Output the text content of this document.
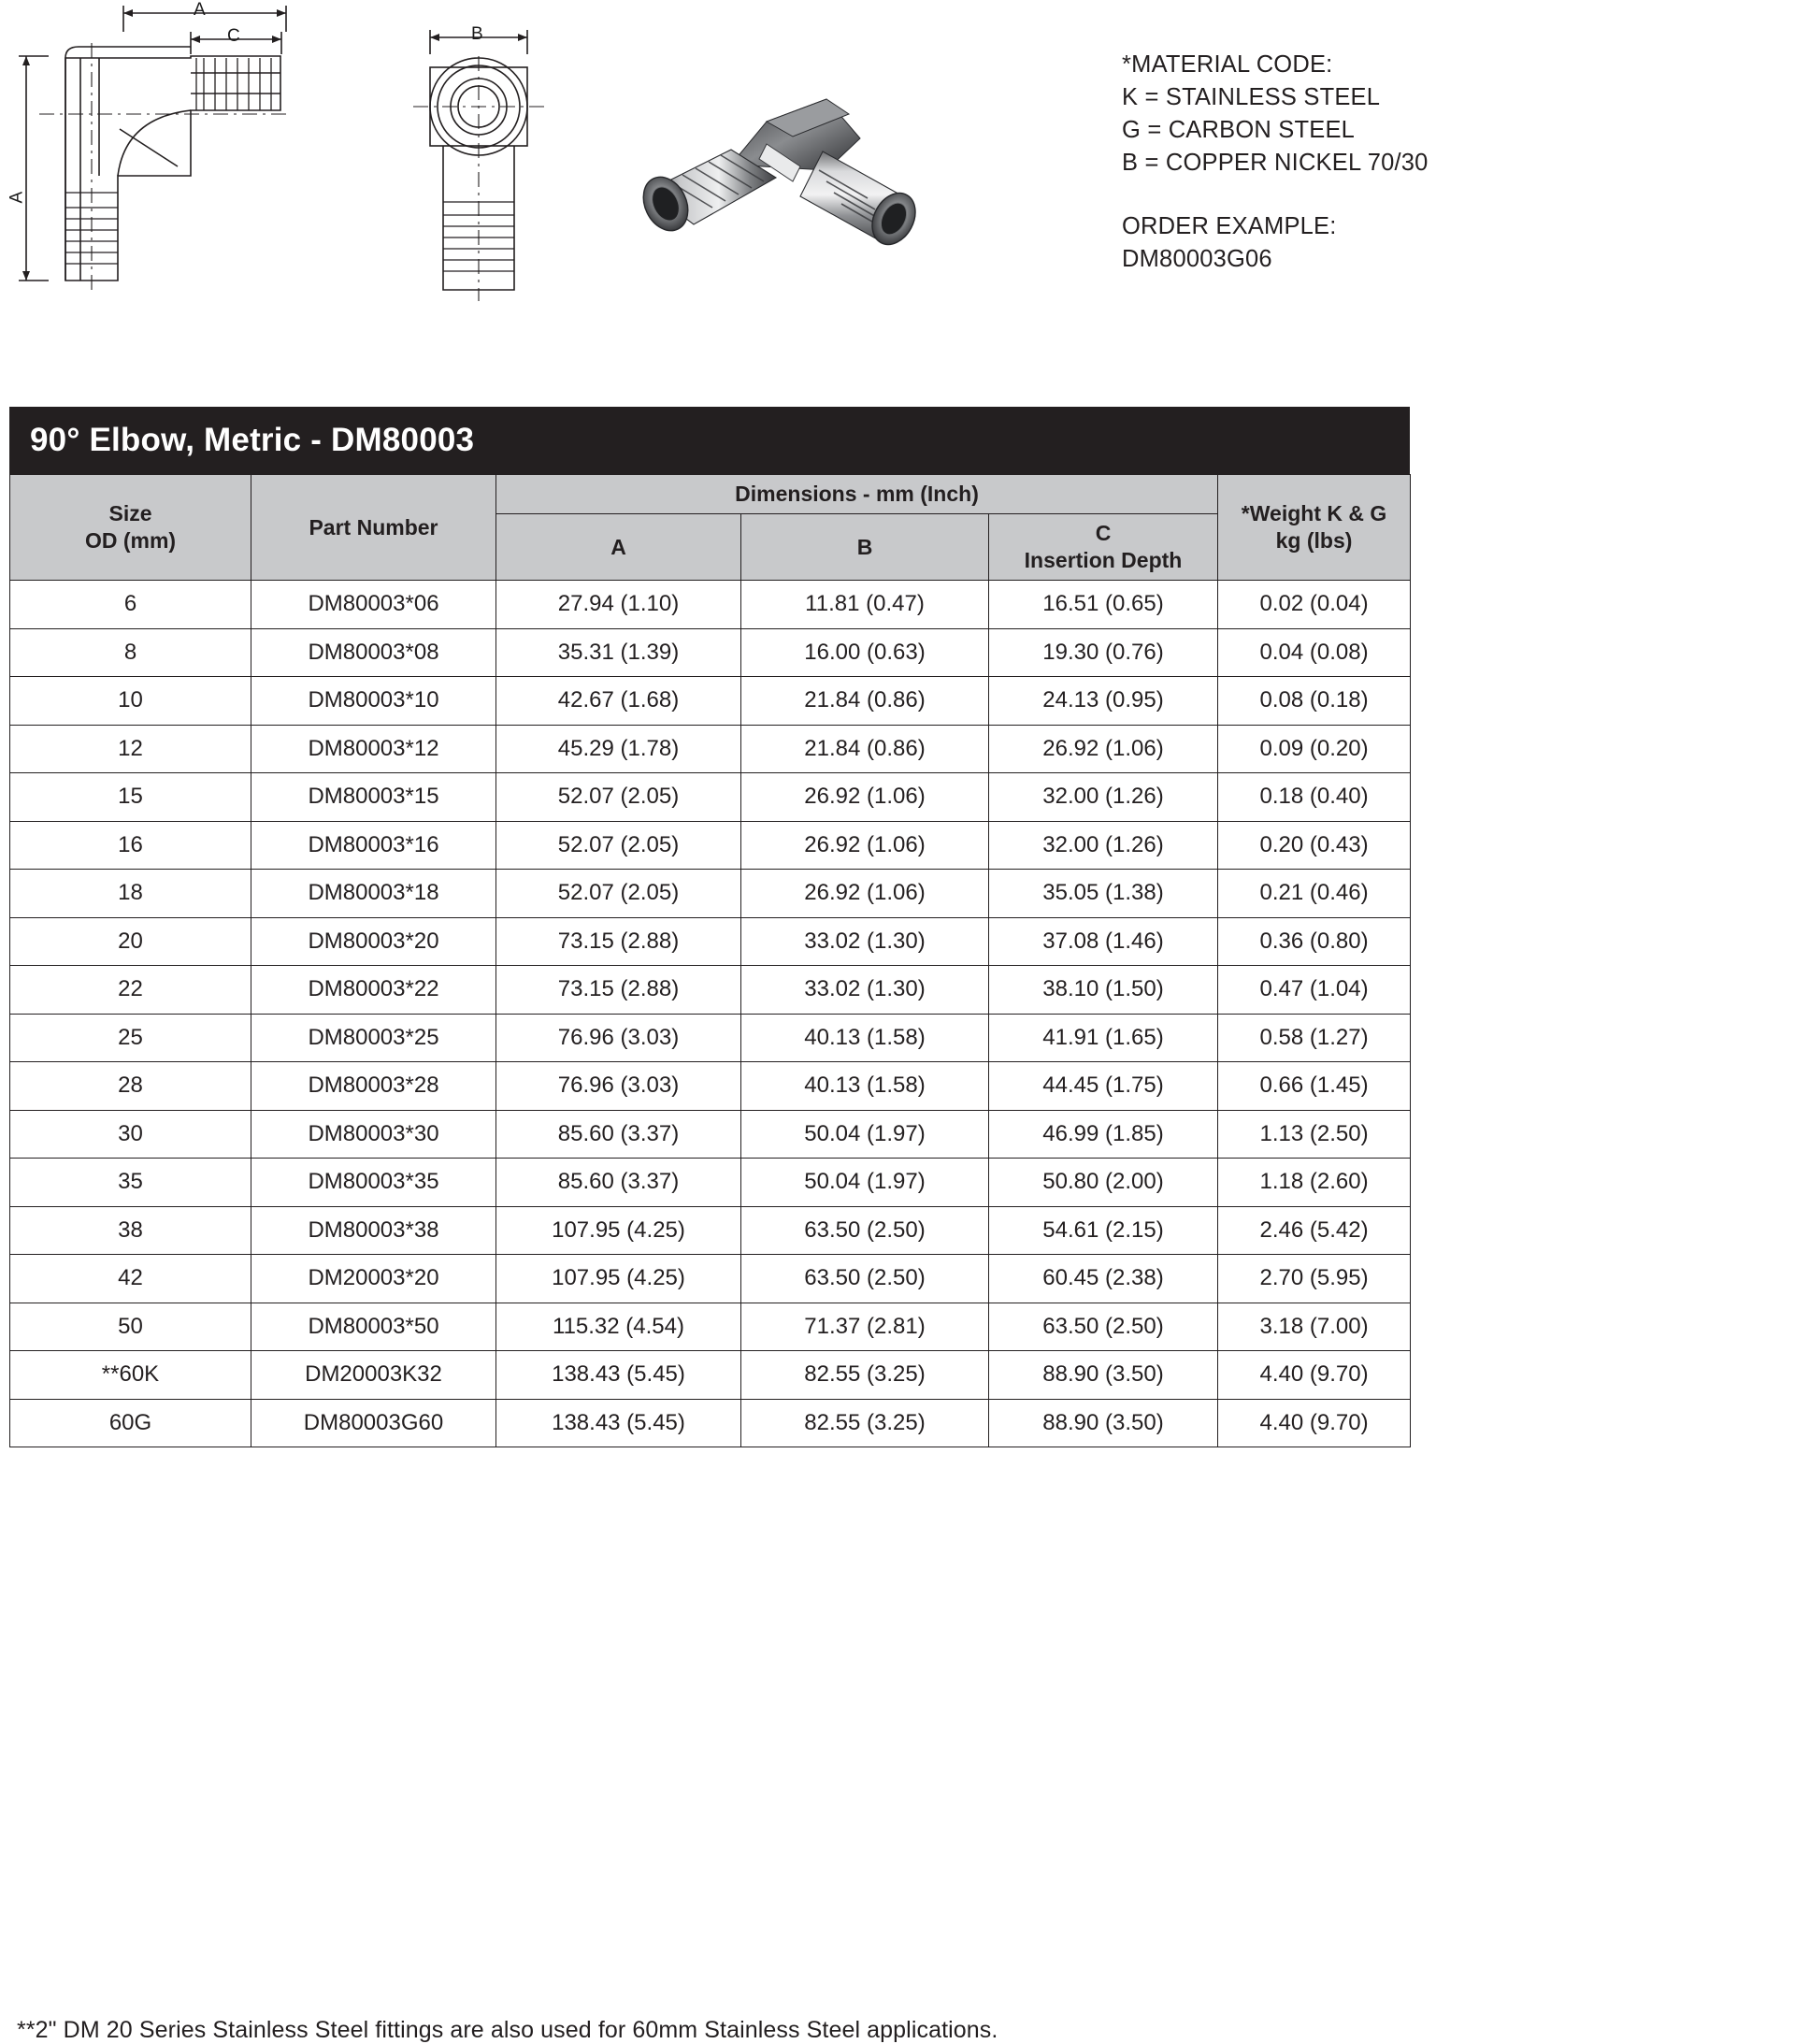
A
C
A
B
*MATERIAL CODE:
K = STAINLESS STEEL
G = CARBON STEEL
B = COPPER NICKEL 70/30
ORDER EXAMPLE:
DM80003G06
90° Elbow, Metric - DM80003
Size
OD (mm)
	Part Number	Dimensions - mm (Inch)	
*Weight K & G
kg (lbs)

		A	B	C
Insertion Depth	

6	DM80003*06	27.94 (1.10)	11.81 (0.47)	16.51 (0.65)	0.02 (0.04)
8	DM80003*08	35.31 (1.39)	16.00 (0.63)	19.30 (0.76)	0.04 (0.08)
10	DM80003*10	42.67 (1.68)	21.84 (0.86)	24.13 (0.95)	0.08 (0.18)
12	DM80003*12	45.29 (1.78)	21.84 (0.86)	26.92 (1.06)	0.09 (0.20)
15	DM80003*15	52.07 (2.05)	26.92 (1.06)	32.00 (1.26)	0.18 (0.40)
16	DM80003*16	52.07 (2.05)	26.92 (1.06)	32.00 (1.26)	0.20 (0.43)
18	DM80003*18	52.07 (2.05)	26.92 (1.06)	35.05 (1.38)	0.21 (0.46)
20	DM80003*20	73.15 (2.88)	33.02 (1.30)	37.08 (1.46)	0.36 (0.80)
22	DM80003*22	73.15 (2.88)	33.02 (1.30)	38.10 (1.50)	0.47 (1.04)
25	DM80003*25	76.96 (3.03)	40.13 (1.58)	41.91 (1.65)	0.58 (1.27)
28	DM80003*28	76.96 (3.03)	40.13 (1.58)	44.45 (1.75)	0.66 (1.45)
30	DM80003*30	85.60 (3.37)	50.04 (1.97)	46.99 (1.85)	1.13 (2.50)
35	DM80003*35	85.60 (3.37)	50.04 (1.97)	50.80 (2.00)	1.18 (2.60)
38	DM80003*38	107.95 (4.25)	63.50 (2.50)	54.61 (2.15)	2.46 (5.42)
42	DM20003*20	107.95 (4.25)	63.50 (2.50)	60.45 (2.38)	2.70 (5.95)
50	DM80003*50	115.32 (4.54)	71.37 (2.81)	63.50 (2.50)	3.18 (7.00)
**60K	DM20003K32	138.43 (5.45)	82.55 (3.25)	88.90 (3.50)	4.40 (9.70)
60G	DM80003G60	138.43 (5.45)	82.55 (3.25)	88.90 (3.50)	4.40 (9.70)
**2" DM 20 Series Stainless Steel fittings are also used for 60mm Stainless Steel applications.
